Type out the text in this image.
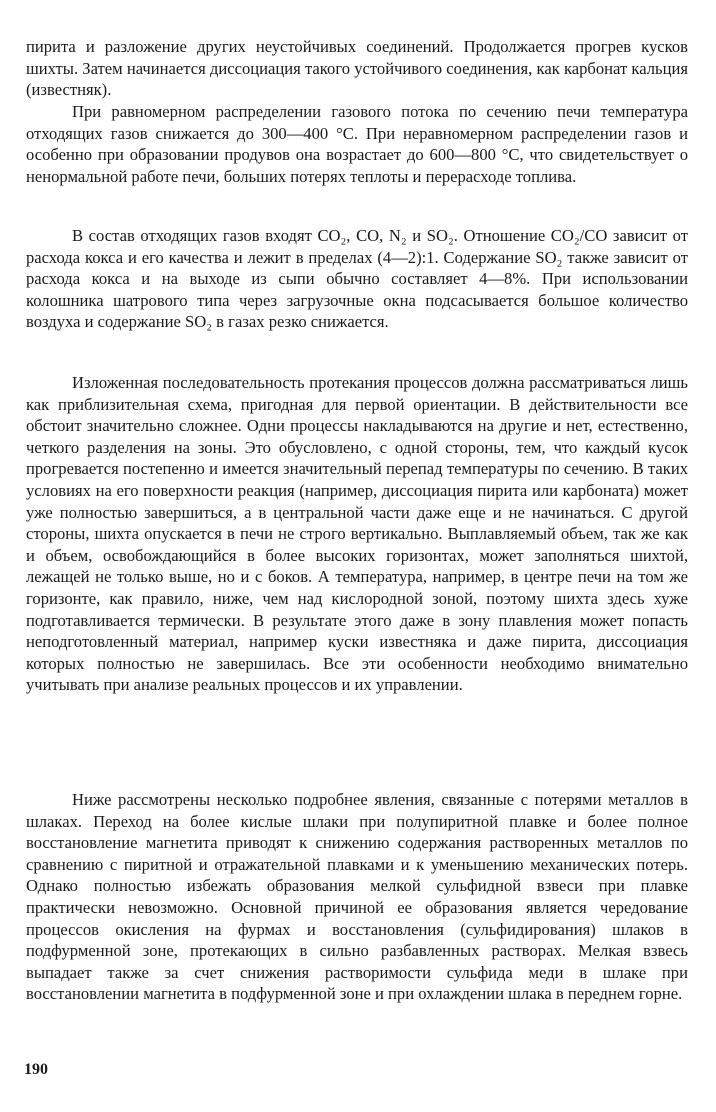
пирита и разложение других неустойчивых соединений. Продолжается прогрев кусков шихты. Затем начинается диссоциация такого устойчивого соединения, как карбонат кальция (известняк).

При равномерном распределении газового потока по сечению печи температура отходящих газов снижается до 300—400 °С. При неравномерном распределении газов и особенно при образовании продувов она возрастает до 600—800 °С, что свидетельствует о ненормальной работе печи, больших потерях теплоты и перерасходе топлива.

В состав отходящих газов входят CO₂, CO, N₂ и SO₂. Отношение CO₂/CO зависит от расхода кокса и его качества и лежит в пределах (4—2):1. Содержание SO₂ также зависит от расхода кокса и на выходе из сыпи обычно составляет 4—8%. При использовании колошника шатрового типа через загрузочные окна подсасывается большое количество воздуха и содержание SO₂ в газах резко снижается.

Изложенная последовательность протекания процессов должна рассматриваться лишь как приблизительная схема, пригодная для первой ориентации. В действительности все обстоит значительно сложнее. Одни процессы накладываются на другие и нет, естественно, четкого разделения на зоны. Это обусловлено, с одной стороны, тем, что каждый кусок прогревается постепенно и имеется значительный перепад температуры по сечению. В таких условиях на его поверхности реакция (например, диссоциация пирита или карбоната) может уже полностью завершиться, а в центральной части даже еще и не начинаться. С другой стороны, шихта опускается в печи не строго вертикально. Выплавляемый объем, так же как и объем, освобождающийся в более высоких горизонтах, может заполняться шихтой, лежащей не только выше, но и с боков. А температура, например, в центре печи на том же горизонте, как правило, ниже, чем над кислородной зоной, поэтому шихта здесь хуже подготавливается термически. В результате этого даже в зону плавления может попасть неподготовленный материал, например куски известняка и даже пирита, диссоциация которых полностью не завершилась. Все эти особенности необходимо внимательно учитывать при анализе реальных процессов и их управлении.

Ниже рассмотрены несколько подробнее явления, связанные с потерями металлов в шлаках. Переход на более кислые шлаки при полупиритной плавке и более полное восстановление магнетита приводят к снижению содержания растворенных металлов по сравнению с пиритной и отражательной плавками и к уменьшению механических потерь. Однако полностью избежать образования мелкой сульфидной взвеси при плавке практически невозможно. Основной причиной ее образования является чередование процессов окисления на фурмах и восстановления (сульфидирования) шлаков в подфурменной зоне, протекающих в сильно разбавленных растворах. Мелкая взвесь выпадает также за счет снижения растворимости сульфида меди в шлаке при восстановлении магнетита в подфурменной зоне и при охлаждении шлака в переднем горне.

190
